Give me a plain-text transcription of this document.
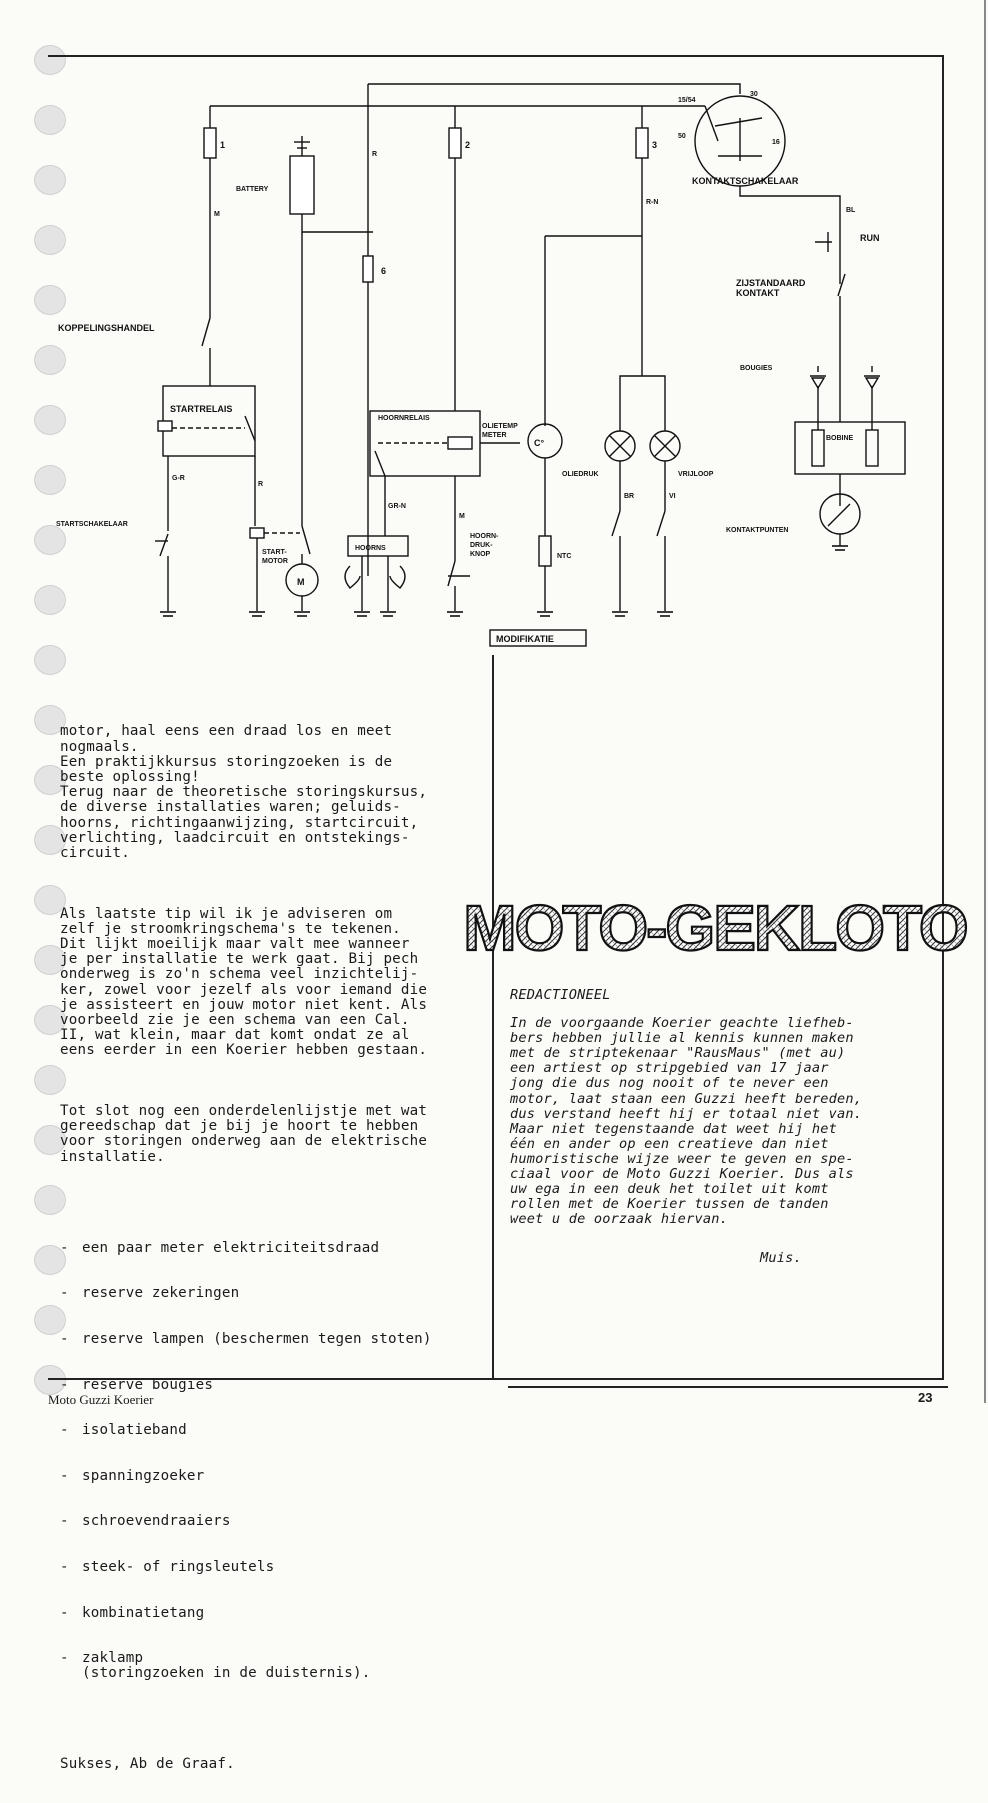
1	2	3
6
15/54
30
50
16
M
R
R-N
BL
G-R
R
GR-N
M
BR	VI
KONTAKTSCHAKELAAR
RUN
ZIJSTANDAARD
KONTAKT
BATTERY
KOPPELINGSHANDEL
STARTRELAIS
HOORNRELAIS
OLIETEMP
METER
C°
OLIEDRUK	VRIJLOOP
BOUGIES
BOBINE
STARTSCHAKELAAR
START-
MOTOR
M
HOORNS
HOORN-
DRUK-
KNOP	NTC
KONTAKTPUNTEN
MODIFIKATIE

motor, haal eens een draad los en meet
nogmaals.
Een praktijkkursus storingzoeken is de
beste oplossing!
Terug naar de theoretische storingskursus,
de diverse installaties waren; geluids-
hoorns, richtingaanwijzing, startcircuit,
verlichting, laadcircuit en ontstekings-
circuit.

Als laatste tip wil ik je adviseren om
zelf je stroomkringschema's te tekenen.
Dit lijkt moeilijk maar valt mee wanneer
je per installatie te werk gaat. Bij pech
onderweg is zo'n schema veel inzichtelij-
ker, zowel voor jezelf als voor iemand die
je assisteert en jouw motor niet kent. Als
voorbeeld zie je een schema van een Cal.
II, wat klein, maar dat komt ondat ze al
eens eerder in een Koerier hebben gestaan.

Tot slot nog een onderdelenlijstje met wat
gereedschap dat je bij je hoort te hebben
voor storingen onderweg aan de elektrische
installatie.

- een paar meter elektriciteitsdraad

- reserve zekeringen

- reserve lampen (beschermen tegen stoten)

- reserve bougies

- isolatieband

- spanningzoeker

- schroevendraaiers

- steek- of ringsleutels

- kombinatietang

- zaklamp
(storingzoeken in de duisternis).

Sukses, Ab de Graaf.

MOTO-GEKLOTO

REDACTIONEEL

In de voorgaande Koerier geachte liefheb-
bers hebben jullie al kennis kunnen maken
met de striptekenaar "RausMaus" (met au)
een artiest op stripgebied van 17 jaar
jong die dus nog nooit of te never een
motor, laat staan een Guzzi heeft bereden,
dus verstand heeft hij er totaal niet van.
Maar niet tegenstaande dat weet hij het
één en ander op een creatieve dan niet
humoristische wijze weer te geven en spe-
ciaal voor de Moto Guzzi Koerier. Dus als
uw ega in een deuk het toilet uit komt
rollen met de Koerier tussen de tanden
weet u de oorzaak hiervan.

Muis.

Moto Guzzi Koerier	23
